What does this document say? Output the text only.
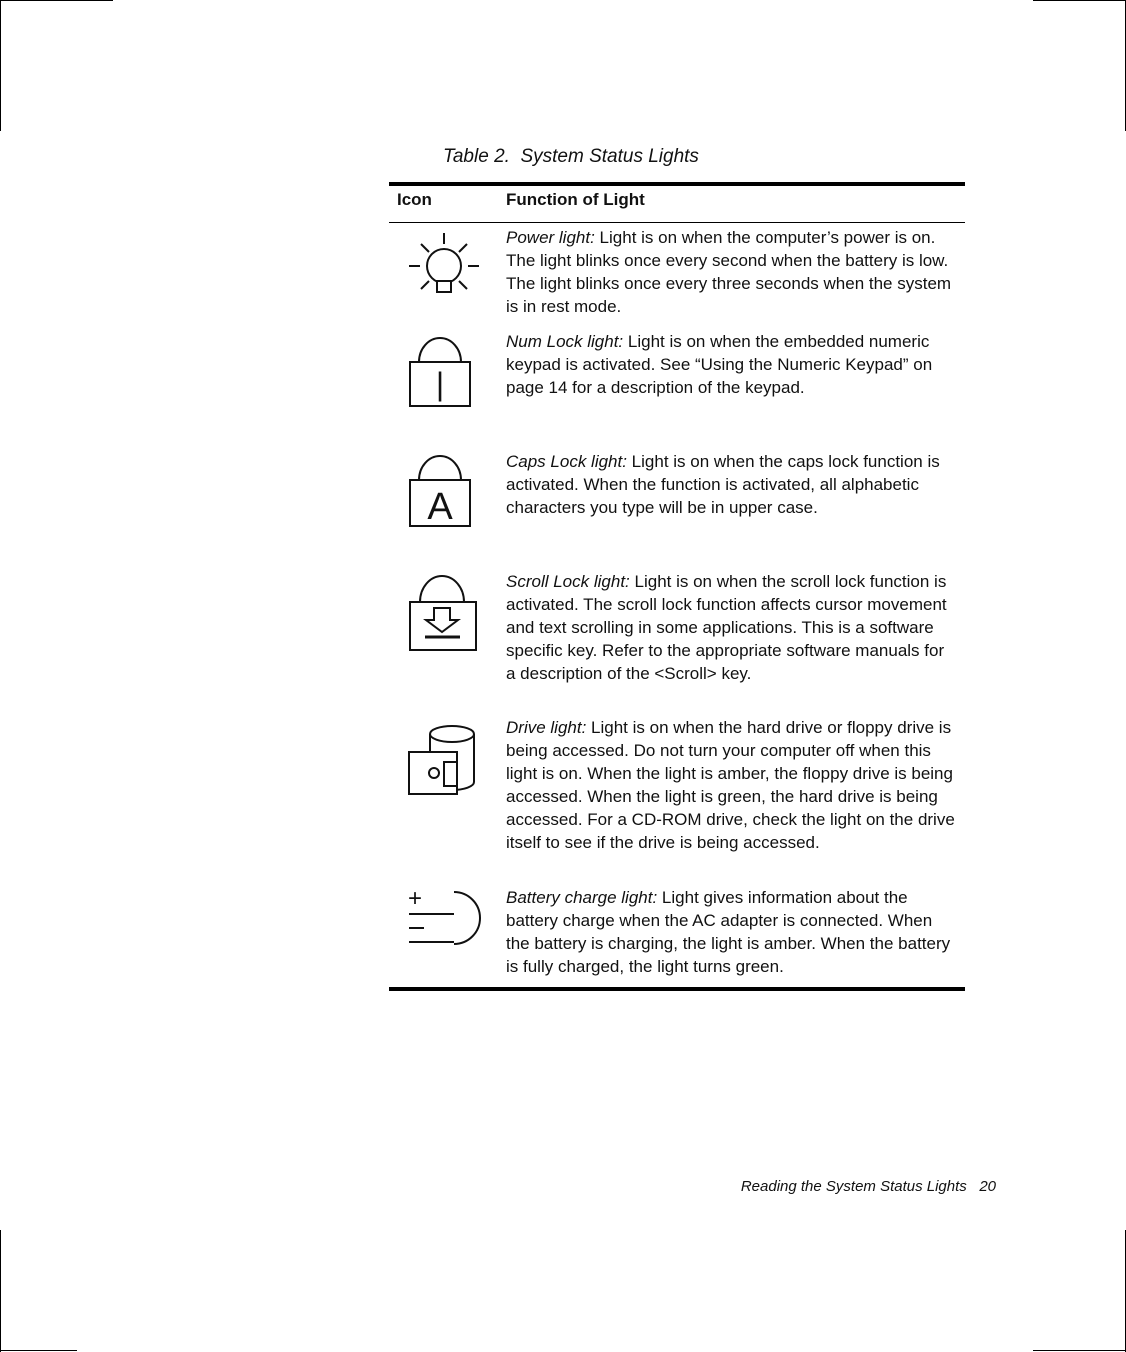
Table 2.  System Status Lights
Icon	Function of Light
Power light: Light is on when the computer’s power is on. The light blinks once every second when the battery is low. The light blinks once every three seconds when the system is in rest mode.
|
Num Lock light: Light is on when the embedded numeric keypad is activated. See “Using the Numeric Keypad” on page 14 for a description of the keypad.
A
Caps Lock light: Light is on when the caps lock function is activated. When the function is activated, all alphabetic characters you type will be in upper case.
Scroll Lock light: Light is on when the scroll lock function is activated. The scroll lock function affects cursor movement and text scrolling in some applications. This is a software specific key. Refer to the appropriate software manuals for a description of the <Scroll> key.
Drive light: Light is on when the hard drive or floppy drive is being accessed. Do not turn your computer off when this light is on. When the light is amber, the floppy drive is being accessed. When the light is green, the hard drive is being accessed. For a CD-ROM drive, check the light on the drive itself to see if the drive is being accessed.
+	Battery charge light: Light gives information about the battery charge when the AC adapter is connected. When the battery is charging, the light is amber. When the battery is fully charged, the light turns green.
Reading the System Status Lights 20
